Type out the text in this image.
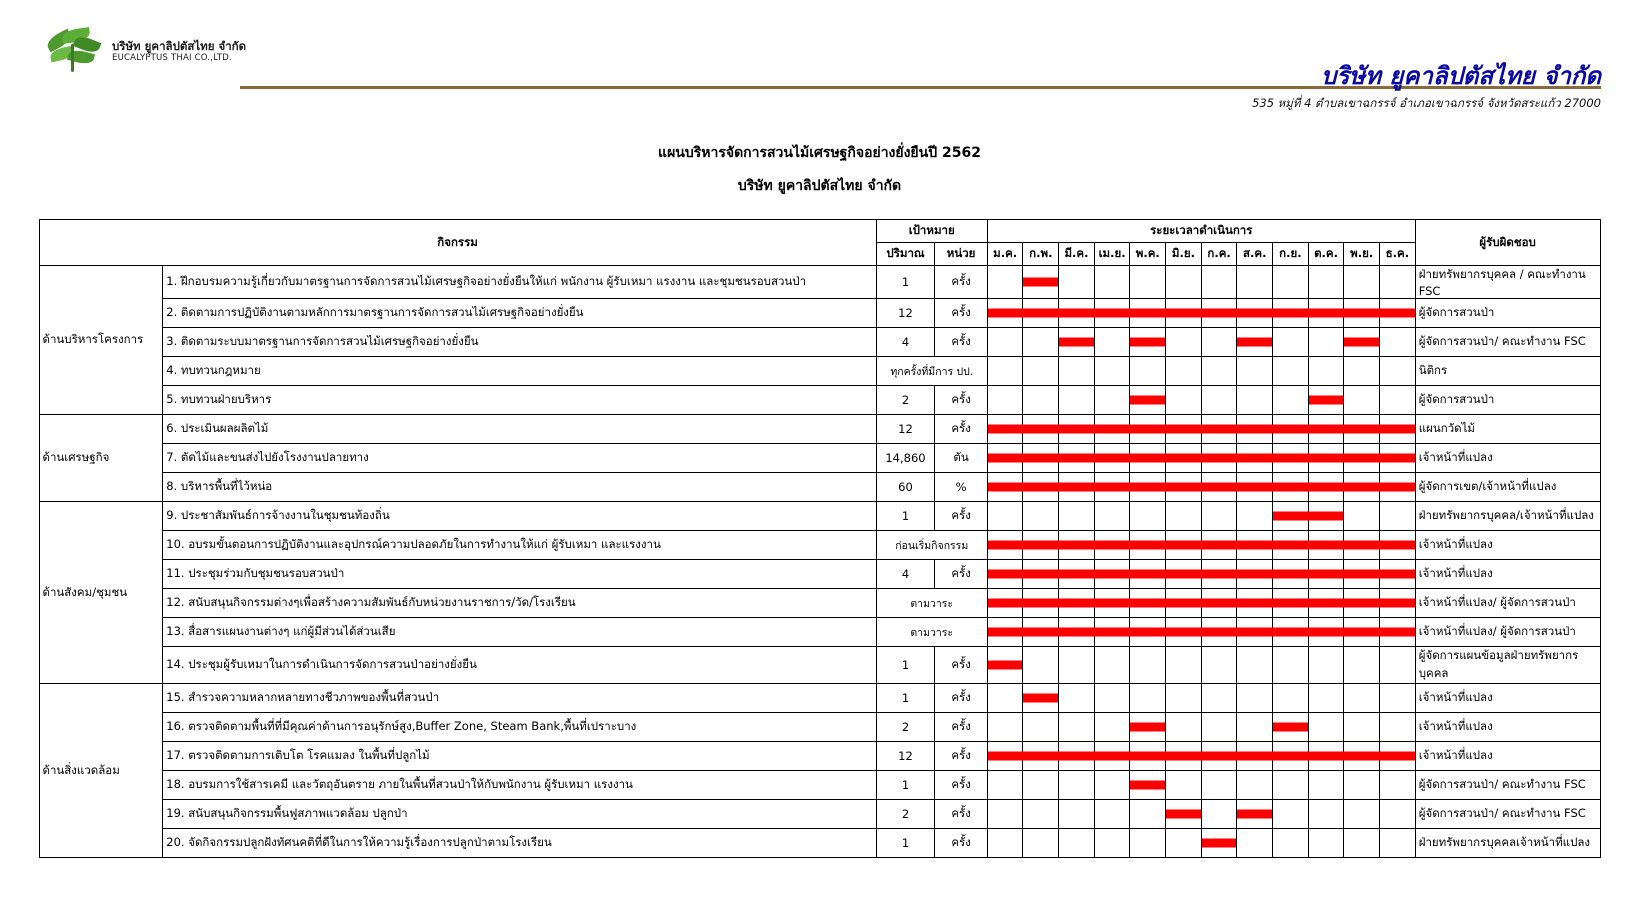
บริษัท ยูคาลิปตัสไทย จำกัด
EUCALYPTUS THAI CO.,LTD.
บริษัท ยูคาลิปตัสไทย จำกัด
535 หมู่ที่ 4 ตำบลเขาฉกรรจ์ อำเภอเขาฉกรรจ์ จังหวัดสระแก้ว 27000
แผนบริหารจัดการสวนไม้เศรษฐกิจอย่างยั่งยืนปี 2562
บริษัท ยูคาลิปตัสไทย จำกัด
กิจกรรม		เป้าหมาย		ระยะเวลาดำเนินการ												ผู้รับผิดชอบ
		ปริมาณ	หน่วย	ม.ค.	ก.พ.	มี.ค.	เม.ย.	พ.ค.	มิ.ย.	ก.ค.	ส.ค.	ก.ย.	ต.ค.	พ.ย.	ธ.ค.	
ด้านบริหารโครงการ	1. ฝึกอบรมความรู้เกี่ยวกับมาตรฐานการจัดการสวนไม้เศรษฐกิจอย่างยั่งยืนให้แก่ พนักงาน ผู้รับเหมา แรงงาน และชุมชนรอบสวนป่า	1	ครั้ง													ฝ่ายทรัพยากรบุคคล / คณะทำงาน FSC
	2. ติดตามการปฏิบัติงานตามหลักการมาตรฐานการจัดการสวนไม้เศรษฐกิจอย่างยั่งยืน	12	ครั้ง													ผู้จัดการสวนป่า
	3. ติดตามระบบมาตรฐานการจัดการสวนไม้เศรษฐกิจอย่างยั่งยืน	4	ครั้ง													ผู้จัดการสวนป่า/ คณะทำงาน FSC
	4. ทบทวนกฎหมาย	ทุกครั้งที่มีการ ปป.														นิติกร
	5. ทบทวนฝ่ายบริหาร	2	ครั้ง													ผู้จัดการสวนป่า
ด้านเศรษฐกิจ	6. ประเมินผลผลิตไม้	12	ครั้ง													แผนกวัดไม้
	7. ตัดไม้และขนส่งไปยังโรงงานปลายทาง	14,860	ตัน													เจ้าหน้าที่แปลง
	8. บริหารพื้นที่ไว้หน่อ	60	%													ผู้จัดการเขต/เจ้าหน้าที่แปลง
ด้านสังคม/ชุมชน	9. ประชาสัมพันธ์การจ้างงานในชุมชนท้องถิ่น	1	ครั้ง													ฝ่ายทรัพยากรบุคคล/เจ้าหน้าที่แปลง
	10. อบรมขั้นตอนการปฏิบัติงานและอุปกรณ์ความปลอดภัยในการทำงานให้แก่ ผู้รับเหมา และแรงงาน	ก่อนเริ่มกิจกรรม														เจ้าหน้าที่แปลง
	11. ประชุมร่วมกับชุมชนรอบสวนป่า	4	ครั้ง													เจ้าหน้าที่แปลง
	12. สนับสนุนกิจกรรมต่างๆเพื่อสร้างความสัมพันธ์กับหน่วยงานราชการ/วัด/โรงเรียน	ตามวาระ														เจ้าหน้าที่แปลง/ ผู้จัดการสวนป่า
	13. สื่อสารแผนงานต่างๆ แก่ผู้มีส่วนได้ส่วนเสีย	ตามวาระ														เจ้าหน้าที่แปลง/ ผู้จัดการสวนป่า
	14. ประชุมผู้รับเหมาในการดำเนินการจัดการสวนป่าอย่างยั่งยืน	1	ครั้ง													ผู้จัดการแผนข้อมูลฝ่ายทรัพยากรบุคคล
ด้านสิ่งแวดล้อม	15. สำรวจความหลากหลายทางชีวภาพของพื้นที่สวนป่า	1	ครั้ง													เจ้าหน้าที่แปลง
	16. ตรวจติดตามพื้นที่ที่มีคุณค่าด้านการอนุรักษ์สูง,Buffer Zone, Steam Bank,พื้นที่เปราะบาง	2	ครั้ง													เจ้าหน้าที่แปลง
	17. ตรวจติดตามการเติบโต โรคแมลง ในพื้นที่ปลูกไม้	12	ครั้ง													เจ้าหน้าที่แปลง
	18. อบรมการใช้สารเคมี และวัตถุอันตราย ภายในพื้นที่สวนป่าให้กับพนักงาน ผู้รับเหมา แรงงาน	1	ครั้ง													ผู้จัดการสวนป่า/ คณะทำงาน FSC
	19. สนับสนุนกิจกรรมพื้นฟูสภาพแวดล้อม ปลูกป่า	2	ครั้ง													ผู้จัดการสวนป่า/ คณะทำงาน FSC
	20. จัดกิจกรรมปลูกฝังทัศนคติที่ดีในการให้ความรู้เรื่องการปลูกป่าตามโรงเรียน	1	ครั้ง													ฝ่ายทรัพยากรบุคคลเจ้าหน้าที่แปลง
